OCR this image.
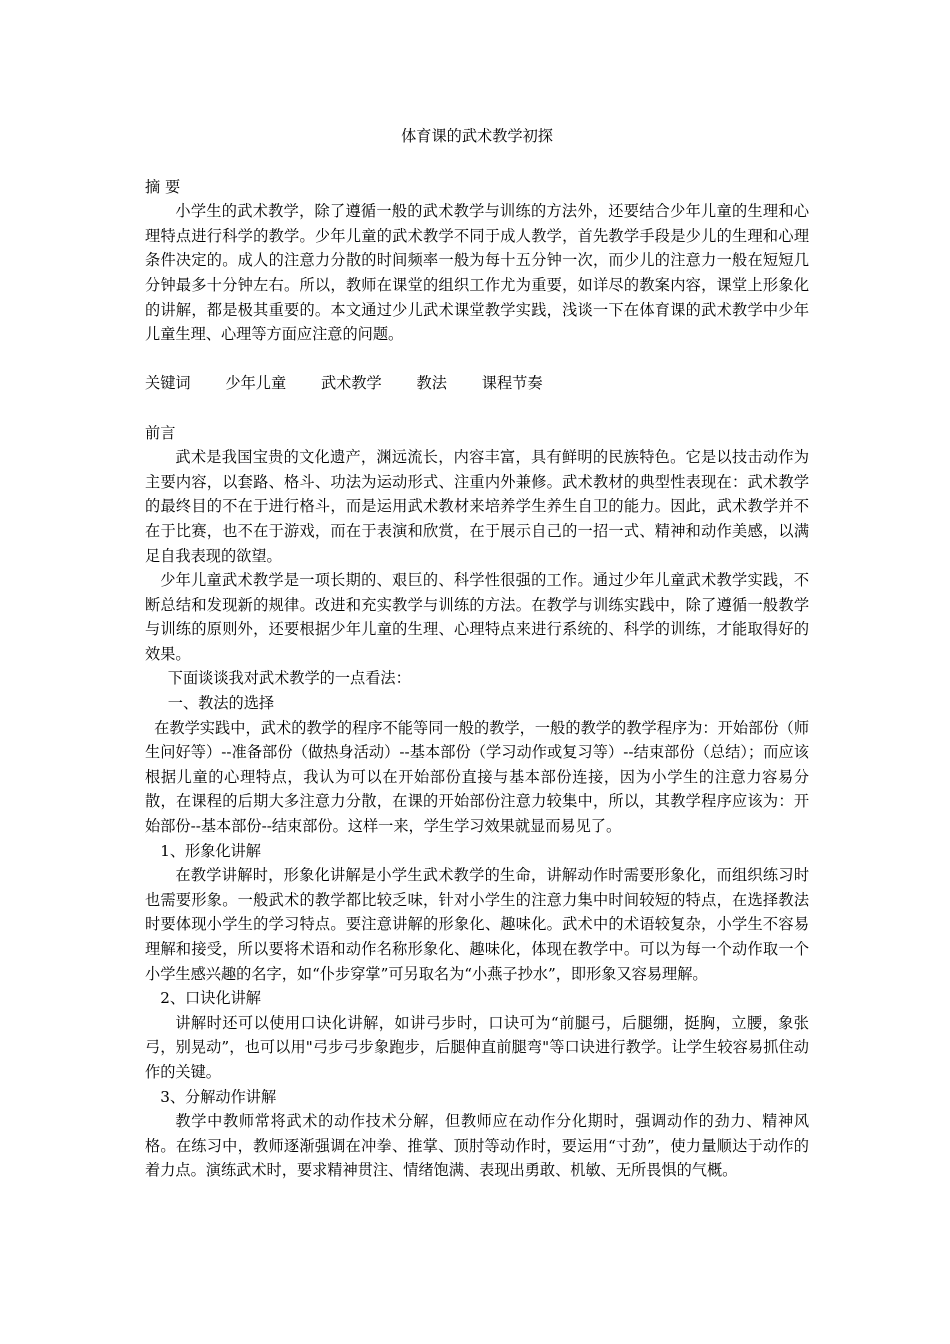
体育课的武术教学初探

摘 要

小学生的武术教学，除了遵循一般的武术教学与训练的方法外，还要结合少年儿童的生理和心理特点进行科学的教学。少年儿童的武术教学不同于成人教学，首先教学手段是少儿的生理和心理条件决定的。成人的注意力分散的时间频率一般为每十五分钟一次，而少儿的注意力一般在短短几分钟最多十分钟左右。所以，教师在课堂的组织工作尤为重要，如详尽的教案内容，课堂上形象化的讲解，都是极其重要的。本文通过少儿武术课堂教学实践，浅谈一下在体育课的武术教学中少年儿童生理、心理等方面应注意的问题。

关键词 少年儿童 武术教学 教法 课程节奏

前言

武术是我国宝贵的文化遗产，渊远流长，内容丰富，具有鲜明的民族特色。它是以技击动作为主要内容，以套路、格斗、功法为运动形式、注重内外兼修。武术教材的典型性表现在：武术教学的最终目的不在于进行格斗，而是运用武术教材来培养学生养生自卫的能力。因此，武术教学并不在于比赛，也不在于游戏，而在于表演和欣赏，在于展示自己的一招一式、精神和动作美感，以满足自我表现的欲望。

少年儿童武术教学是一项长期的、艰巨的、科学性很强的工作。通过少年儿童武术教学实践，不断总结和发现新的规律。改进和充实教学与训练的方法。在教学与训练实践中，除了遵循一般教学与训练的原则外，还要根据少年儿童的生理、心理特点来进行系统的、科学的训练，才能取得好的效果。

下面谈谈我对武术教学的一点看法：

一、教法的选择

在教学实践中，武术的教学的程序不能等同一般的教学，一般的教学的教学程序为：开始部份（师生问好等）--准备部份（做热身活动）--基本部份（学习动作或复习等）--结束部份（总结）；而应该根据儿童的心理特点，我认为可以在开始部份直接与基本部份连接，因为小学生的注意力容易分散，在课程的后期大多注意力分散，在课的开始部份注意力较集中，所以，其教学程序应该为：开始部份--基本部份--结束部份。这样一来，学生学习效果就显而易见了。

1、形象化讲解

在教学讲解时，形象化讲解是小学生武术教学的生命，讲解动作时需要形象化，而组织练习时也需要形象。一般武术的教学都比较乏味，针对小学生的注意力集中时间较短的特点，在选择教法时要体现小学生的学习特点。要注意讲解的形象化、趣味化。武术中的术语较复杂，小学生不容易理解和接受，所以要将术语和动作名称形象化、趣味化，体现在教学中。可以为每一个动作取一个小学生感兴趣的名字，如“仆步穿掌”可另取名为“小燕子抄水”，即形象又容易理解。

2、口诀化讲解

讲解时还可以使用口诀化讲解，如讲弓步时，口诀可为“前腿弓，后腿绷，挺胸，立腰，象张弓，别晃动”，也可以用"弓步弓步象跑步，后腿伸直前腿弯"等口诀进行教学。让学生较容易抓住动作的关键。

3、分解动作讲解

教学中教师常将武术的动作技术分解，但教师应在动作分化期时，强调动作的劲力、精神风格。在练习中，教师逐渐强调在冲拳、推掌、顶肘等动作时，要运用“寸劲”，使力量顺达于动作的着力点。演练武术时，要求精神贯注、情绪饱满、表现出勇敢、机敏、无所畏惧的气概。
